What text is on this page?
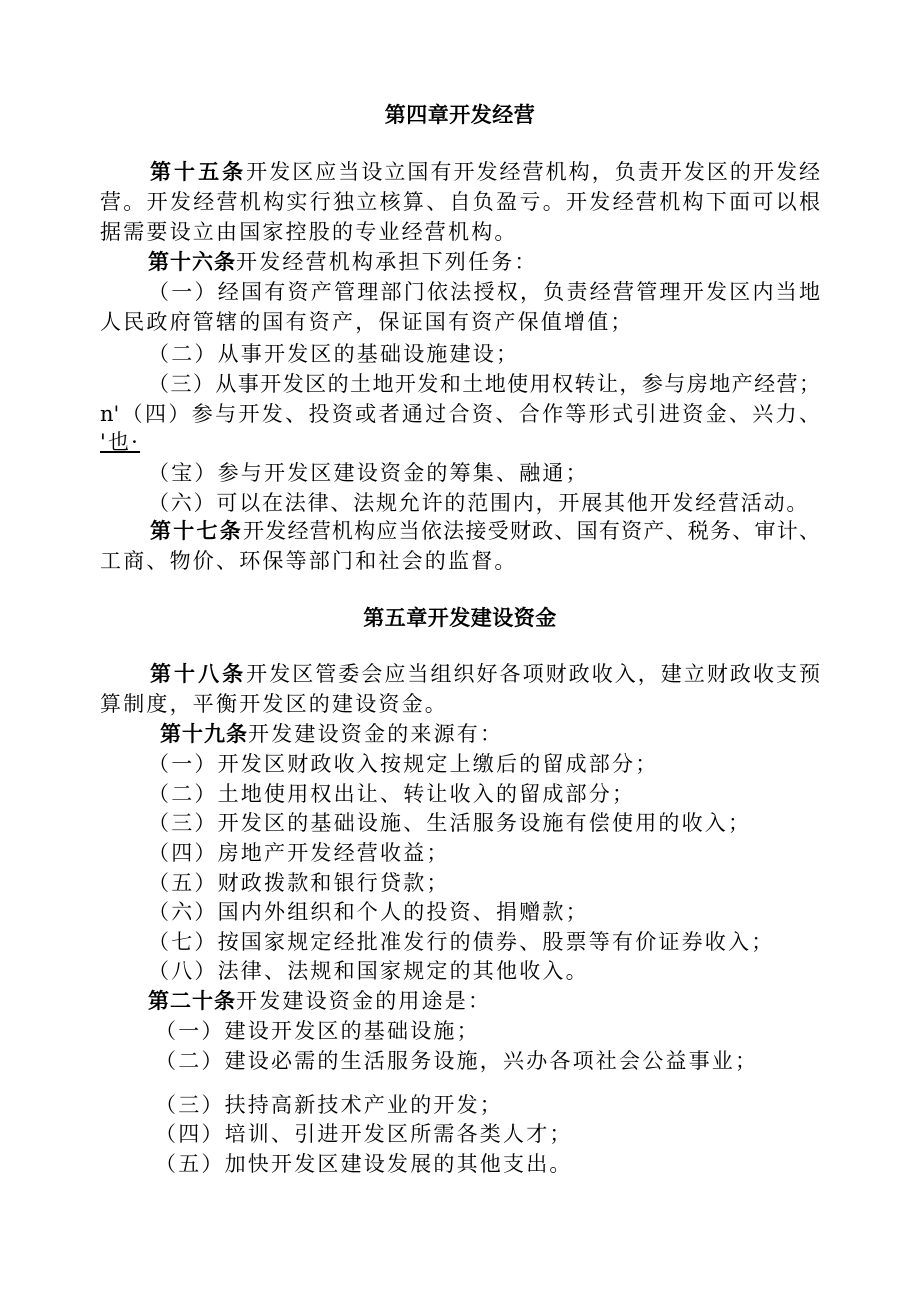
第四章开发经营
第十五条开发区应当设立国有开发经营机构，负责开发区的开发经
营。开发经营机构实行独立核算、自负盈亏。开发经营机构下面可以根
据需要设立由国家控股的专业经营机构。
第十六条开发经营机构承担下列任务：
（一）经国有资产管理部门依法授权，负责经营管理开发区内当地
人民政府管辖的国有资产，保证国有资产保值增值；
（二）从事开发区的基础设施建设；
（三）从事开发区的土地开发和土地使用权转让，参与房地产经营；
n'（四）参与开发、投资或者通过合资、合作等形式引进资金、兴力、
'也·
（宝）参与开发区建设资金的筹集、融通；
（六）可以在法律、法规允许的范围内，开展其他开发经营活动。
第十七条开发经营机构应当依法接受财政、国有资产、税务、审计、
工商、物价、环保等部门和社会的监督。
第五章开发建设资金
第十八条开发区管委会应当组织好各项财政收入，建立财政收支预
算制度，平衡开发区的建设资金。
第十九条开发建设资金的来源有：
（一）开发区财政收入按规定上缴后的留成部分；
（二）土地使用权出让、转让收入的留成部分；
（三）开发区的基础设施、生活服务设施有偿使用的收入；
（四）房地产开发经营收益；
（五）财政拨款和银行贷款；
（六）国内外组织和个人的投资、捐赠款；
（七）按国家规定经批准发行的债券、股票等有价证券收入；
（八）法律、法规和国家规定的其他收入。
第二十条开发建设资金的用途是：
（一）建设开发区的基础设施；
（二）建设必需的生活服务设施，兴办各项社会公益事业；
（三）扶持高新技术产业的开发；
（四）培训、引进开发区所需各类人才；
（五）加快开发区建设发展的其他支出。
